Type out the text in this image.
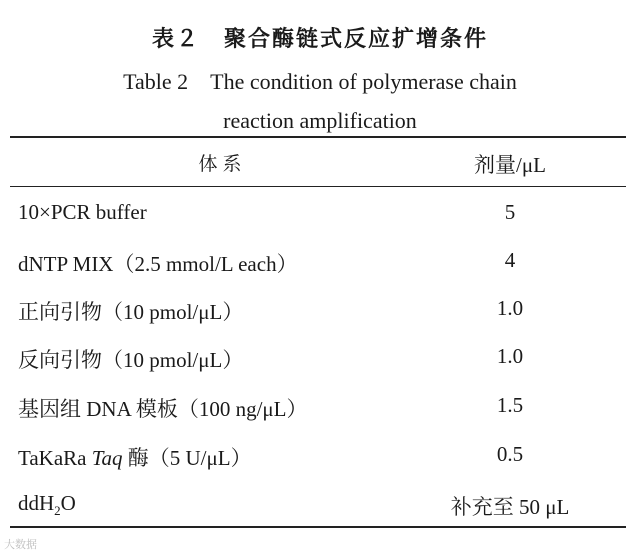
表２　聚合酶链式反应扩增条件
Table 2　The condition of polymerase chain
reaction amplification
体系	剂量/μL
10×PCR buffer	5
dNTP MIX（2.5 mmol/L each）	4
正向引物（10 pmol/μL）	1.0
反向引物（10 pmol/μL）	1.0
基因组 DNA 模板（100 ng/μL）	1.5
TaKaRa Taq 酶（5 U/μL）	0.5
ddH$_2$O	补充至 50 μL
大数据
